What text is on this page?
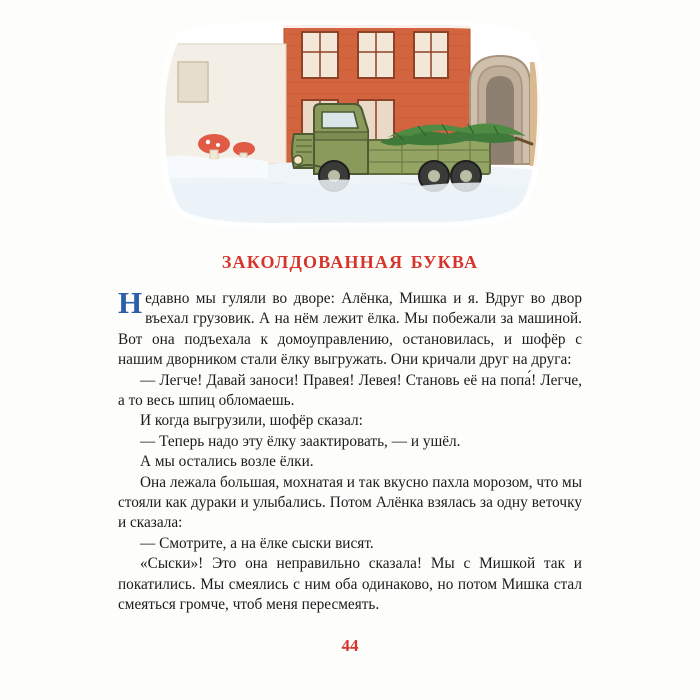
заколдованная буква

Недавно мы гуляли во дворе: Алёнка, Мишка и я. Вдруг во двор въехал грузовик. А на нём лежит ёлка. Мы побежали за машиной. Вот она подъехала к домоуправлению, остановилась, и шофёр с нашим дворником стали ёлку выгружать. Они кричали друг на друга:

— Легче! Давай заноси! Правея! Левея! Становь её на попа́! Легче, а то весь шпиц обломаешь.

И когда выгрузили, шофёр сказал:

— Теперь надо эту ёлку заактировать, — и ушёл.

А мы остались возле ёлки.

Она лежала большая, мохнатая и так вкусно пахла морозом, что мы стояли как дураки и улыбались. Потом Алёнка взялась за одну веточку и сказала:

— Смотрите, а на ёлке сыски висят.

«Сыски»! Это она неправильно сказала! Мы с Мишкой так и покатились. Мы смеялись с ним оба одинаково, но потом Мишка стал смеяться громче, чтоб меня пересмеять.

44
